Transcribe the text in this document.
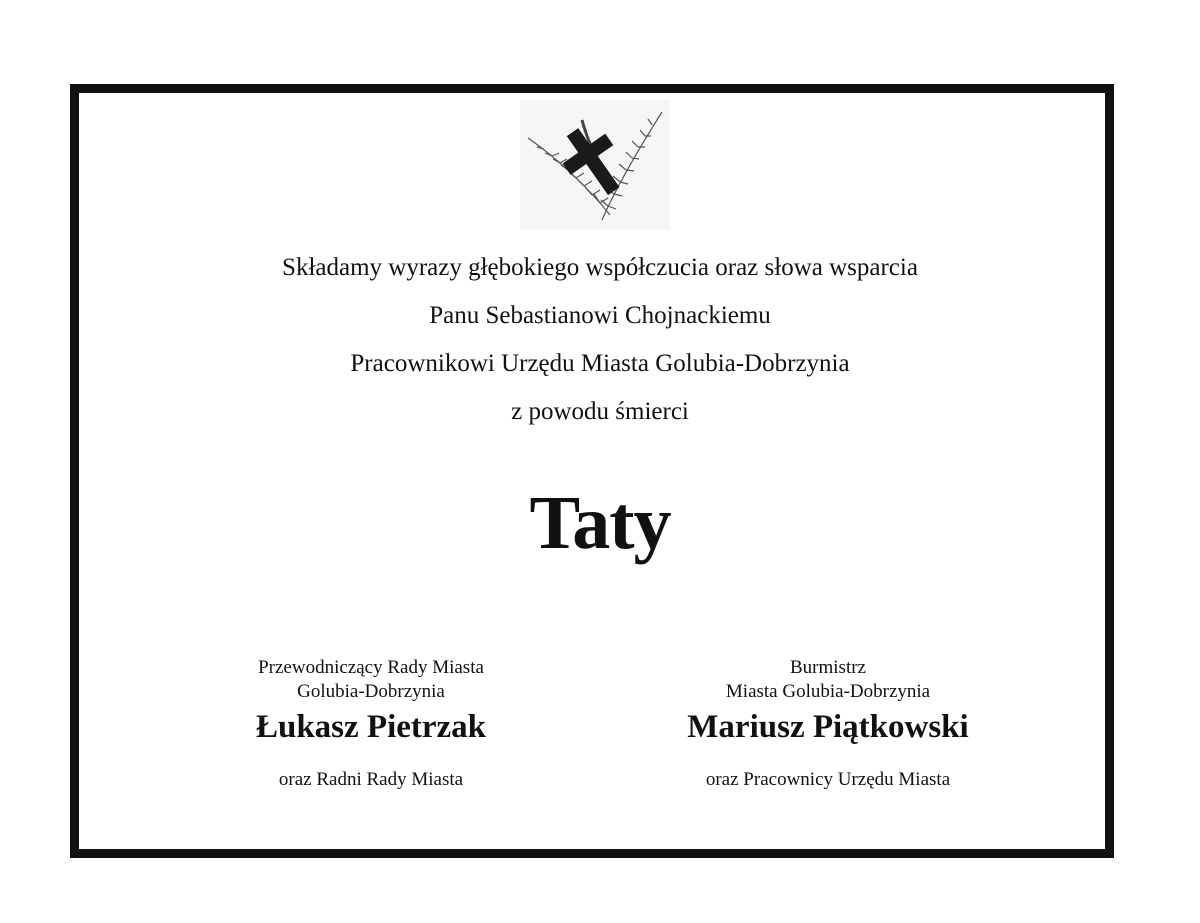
Składamy wyrazy głębokiego współczucia oraz słowa wsparcia
Panu Sebastianowi Chojnackiemu
Pracownikowi Urzędu Miasta Golubia-Dobrzynia
z powodu śmierci
Taty
Przewodniczący Rady Miasta
Golubia-Dobrzynia
Łukasz Pietrzak
oraz Radni Rady Miasta
Burmistrz
Miasta Golubia-Dobrzynia
Mariusz Piątkowski
oraz Pracownicy Urzędu Miasta
